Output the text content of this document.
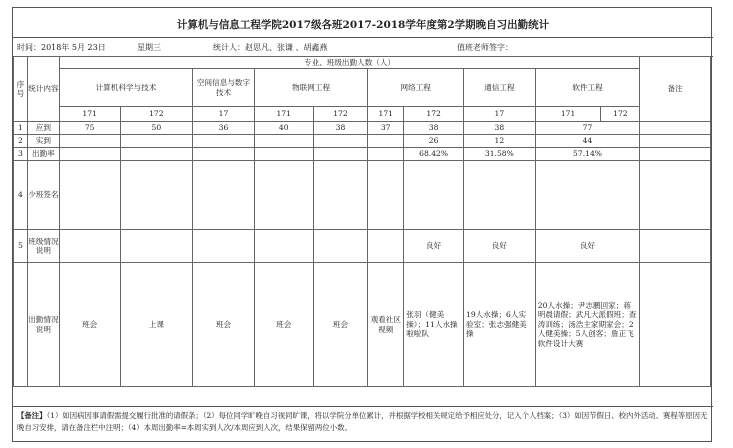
计算机与信息工程学院2017级各班2017-2018学年度第2学期晚自习出勤统计
时间：2018年 5月 23日	星期三	统计人：赵思凡、张谦 、胡鑫燕	值班老师签字：
序号	统计内容	专业、班级出勤人数（人）										备注
		计算机科学与技术		空间信息与数字技术	物联网工程		网络工程		通信工程	软件工程		
		171	172	17	171	172	171	172	17	171	172	
1	应到	75	50	36	40	38	37	38	38	77		
2	实到							26	12	44		
3	出勤率							68.42%	31.58%	57.14%		
4	少班签名											
5	班级情况说明							良好	良好	良好		
	出勤情况说明	班会	上课	班会	班会	班会	观看社区视频	张羽（健美操）；11人水操啦啦队	19人水操；6人实验室；张志强健美操	20人水操；尹志鹏回家；蒋明晨请假；武凡大派假班；查涛训练；汤浩主家期家会；2人健美操；5人创客；詹正飞软件设计大赛		
【备注】（1）如因病因事请假需提交履行批准的请假条；（2）每位同学旷晚自习视同旷课，将以学院分单位累计，并根据学校相关规定给予相应处分，记入个人档案；（3）如因节假日、校内外活动、赛程等原因无晚自习安排，请在备注栏中注明；（4）本周出勤率=本周实到人次/本周应到人次，结果保留两位小数。
